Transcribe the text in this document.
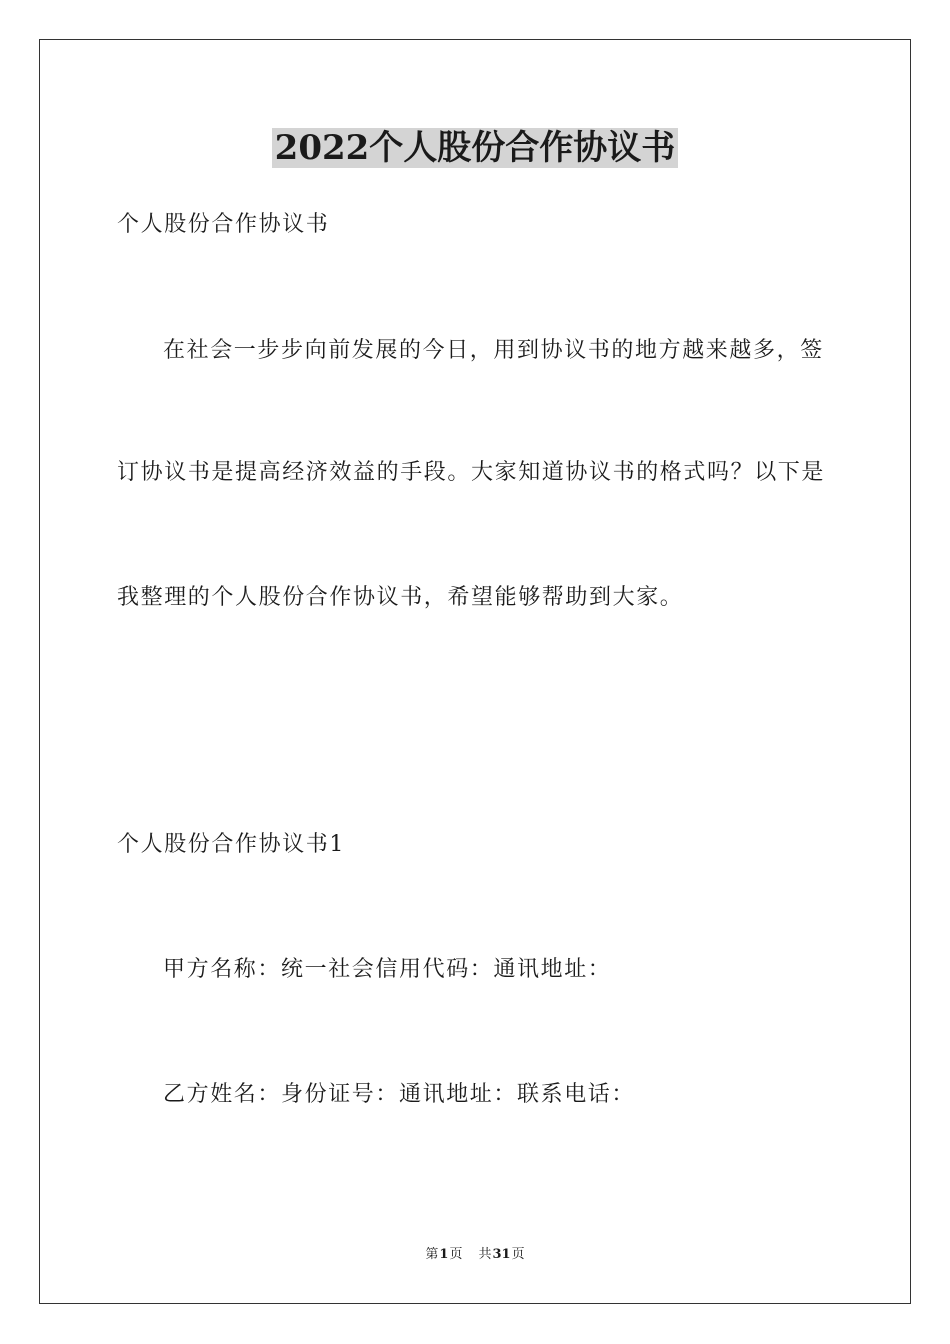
2022个人股份合作协议书
个人股份合作协议书
在社会一步步向前发展的今日，用到协议书的地方越来越多，签
订协议书是提高经济效益的手段。大家知道协议书的格式吗？以下是
我整理的个人股份合作协议书，希望能够帮助到大家。
个人股份合作协议书1
甲方名称：统一社会信用代码：通讯地址：
乙方姓名：身份证号：通讯地址：联系电话：
第1页 共31页
